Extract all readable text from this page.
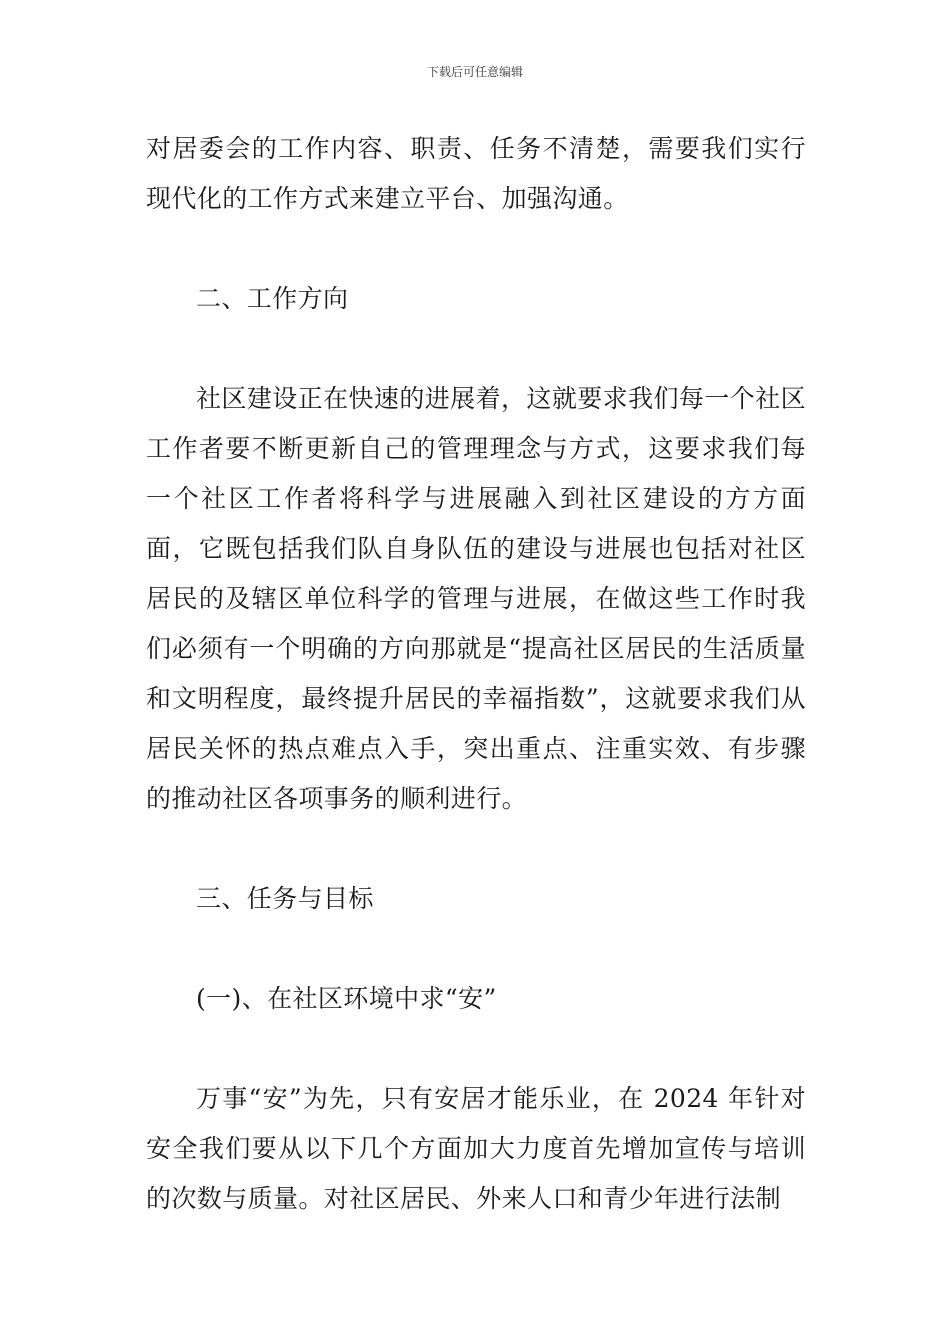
下载后可任意编辑

对居委会的工作内容、职责、任务不清楚，需要我们实行现代化的工作方式来建立平台、加强沟通。

二、工作方向

社区建设正在快速的进展着，这就要求我们每一个社区工作者要不断更新自己的管理理念与方式，这要求我们每一个社区工作者将科学与进展融入到社区建设的方方面面，它既包括我们队自身队伍的建设与进展也包括对社区居民的及辖区单位科学的管理与进展，在做这些工作时我们必须有一个明确的方向那就是“提高社区居民的生活质量和文明程度，最终提升居民的幸福指数”，这就要求我们从居民关怀的热点难点入手，突出重点、注重实效、有步骤的推动社区各项事务的顺利进行。

三、任务与目标

(一)、在社区环境中求“安”

万事“安”为先，只有安居才能乐业，在 2024 年针对安全我们要从以下几个方面加大力度首先增加宣传与培训的次数与质量。对社区居民、外来人口和青少年进行法制
